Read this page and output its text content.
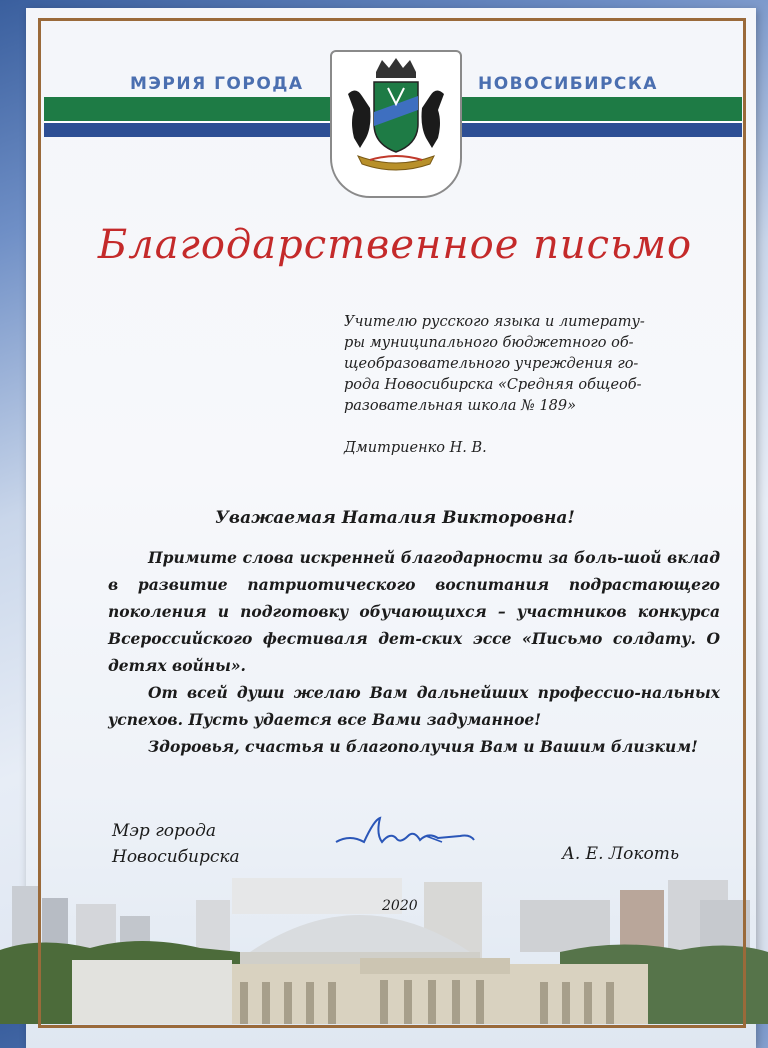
МЭРИЯ ГОРОДА	НОВОСИБИРСКА
Благодарственное письмо
Учителю русского языка и литерату-
ры муниципального бюджетного об-
щеобразовательного учреждения го-
рода Новосибирска «Средняя общеоб-
разовательная школа № 189»
Дмитриенко Н. В.
Уважаемая Наталия Викторовна!

Примите слова искренней благодарности за боль-шой вклад в развитие патриотического воспитания подрастающего поколения и подготовку обучающихся – участников конкурса Всероссийского фестиваля дет-ских эссе «Письмо солдату. О детях войны».

От всей души желаю Вам дальнейших профессио-нальных успехов. Пусть удается все Вами задуманное!

Здоровья, счастья и благополучия Вам и Вашим близким!

Мэр города
Новосибирска	А. Е. Локоть
2020
